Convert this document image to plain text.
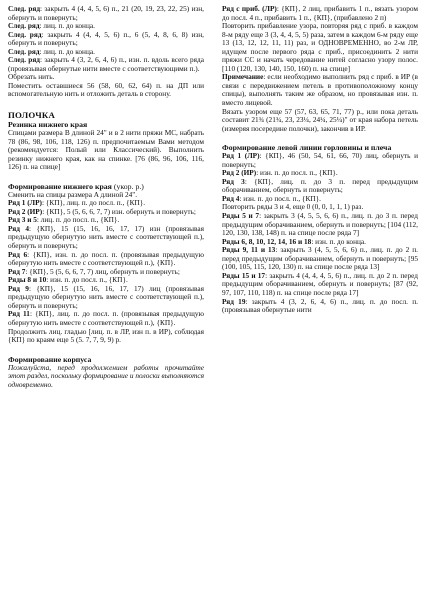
След. ряд: закрыть 4 (4, 4, 5, 6) п., 21 (20, 19, 23, 22, 25) изн, обернуть и повернуть;

След. ряд: лиц. п. до конца.

След. ряд: закрыть 4 (4, 4, 5, 6) п., 6 (5, 4, 8, 6, 8) изн, обернуть и повернуть;

След. ряд: лиц. п. до конца.

След. ряд: закрыть 4 (3, 2, 6, 4, 6) п., изн. п. вдоль всего ряда (провязывая обернутые нити вместе с соответствующими п.).

Обрезать нить.

Поместить оставшиеся 56 (58, 60, 62, 64) п. на ДП или вспомогательную нить и отложить деталь в сторону.

ПОЛОЧКА
Резинка нижнего края

Спицами размера B длиной 24" и в 2 нити пряжи MC, набрать 78 (86, 98, 106, 118, 126) п. предпочитаемым Вами методом (рекомендуется: Полый или Классический). Выполнить резинку нижнего края, как на спинке. [76 (86, 96, 106, 116, 126) п. на спице]

Формирование нижнего края (укор. р.)

Сменить на спицы размера A длиной 24".

Ряд 1 (ЛР): {КП}, лиц. п. до посл. п., {КП}.

Ряд 2 (ИР): {КП}, 5 (5, 6, 6, 7, 7) изн. обернуть и повернуть;

Ряд 3 и 5: лиц. п. до посл. п., {КП}.

Ряд 4: {КП}, 15 (15, 16, 16, 17, 17) изн (провязывая предыдущую обернутую нить вместе с соответствующей п.), обернуть и повернуть;

Ряд 6: {КП}, изн. п. до посл. п. (провязывая предыдущую обернутую нить вместе с соответствующей п.), {КП}.

Ряд 7: {КП}, 5 (5, 6, 6, 7, 7) лиц, обернуть и повернуть;

Ряды 8 и 10: изн. п. до посл. п., {КП}.

Ряд 9: {КП}, 15 (15, 16, 16, 17, 17) лиц (провязывая предыдущую обернутую нить вместе с соответствующей п.), обернуть и повернуть;

Ряд 11: {КП}, лиц. п. до посл. п. (провязывая предыдущую обернутую нить вместе с соответствующей п.), {КП}.

Продолжить лиц. гладью [лиц. п. в ЛР, изн п. в ИР), соблюдая {КП} по краям еще 5 (5. 7, 7, 9, 9) р.

Формирование корпуса

Пожалуйста, перед продолжением работы прочитайте этот раздел, поскольку формирование и полоски выполняются одновременно.

Ряд с приб. (ЛР): {КП}, 2 лиц, прибавить 1 п., вязать узором до посл. 4 п., прибавить 1 п., {КП}, (прибавлено 2 п)

Повторить прибавление узора, повторяя ряд с приб. в каждом 8-м ряду еще 3 (3, 4, 4, 5, 5) раза, затем в каждом 6-м ряду еще 13 (13, 12, 12, 11, 11) раз, и ОДНОВРЕМЕННО, во 2-м ЛР, идущем после первого ряда с приб., присоединить 2 нити пряжи СС и начать чередование нитей согласно узору полос. [110 (120, 130, 140, 150, 160) п. на спице]

Примечание: если необходимо выполнить ряд с приб. в ИР (в связи с передвижением петель в противоположному концу спицы), выполнять таким же образом, но провязывая изн. п. вместо лицевой.

Вязать узором еще 57 (57, 63, 65, 71, 77) р., или пока деталь составит 21¾ (21¾, 23, 23¼, 24¼, 25¼)" от края набора петель (измеряя посередине полочки), закончив в ИР.

Формирование левой линии горловины и плеча

Ряд 1 (ЛР): {КП}, 46 (50, 54, 61, 66, 70) лиц, обернуть и повернуть;

Ряд 2 (ИР): изн. п. до посл. п., {КП}.

Ряд 3: {КП}, лиц. п. до 3 п. перед предыдущим оборачиванием, обернуть и повернуть;

Ряд 4: изн. п. до посл. п., {КП}.

Повторить ряды 3 и 4, еще 0 (0, 0, 1, 1, 1) раз.

Ряды 5 и 7: закрыть 3 (4, 5, 5, 6, 6) п., лиц. п. до 3 п. перед предыдущим оборачиванием, обернуть и повернуть; [104 (112, 120, 130, 138, 148) п. на спице после ряда 7]

Ряды 6, 8, 10, 12, 14, 16 и 18: изн. п. до конца.

Ряды 9, 11 и 13: закрыть 3 (4, 5, 5, 6, 6) п., лиц. п. до 2 п. перед предыдущим оборачиванием, обернуть и повернуть; [95 (100, 105, 115, 120, 130) п. на спице после ряда 13]

Ряды 15 и 17: закрыть 4 (4, 4, 4, 5, 6) п., лиц. п. до 2 п. перед предыдущим оборачиванием, обернуть и повернуть; [87 (92, 97, 107, 110, 118) п. на спице после ряда 17]

Ряд 19: закрыть 4 (3, 2, 6, 4, 6) п., лиц. п. до посл. п. (провязывая обернутые нити
